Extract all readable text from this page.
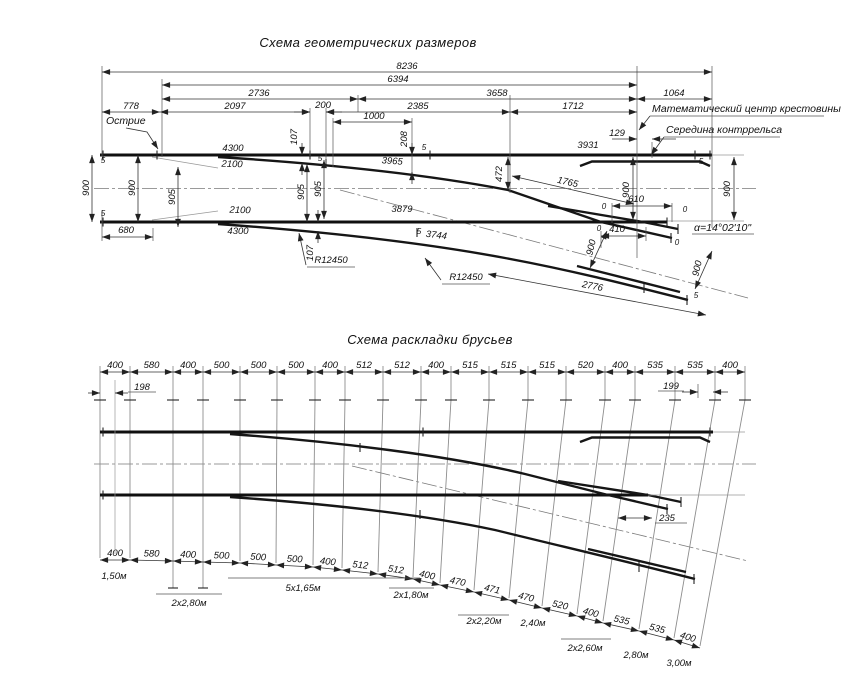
Схема геометрических размеров
8236
6394
2736	3658	1064
778	2097	200	2385	1712
1000
129
680
610
410
900	900
905	905 905
107	208
107
472
900	900
900
900
1765
2776
4300
2100	3965
2100
4300
3879
3744
3931
0
0
0
0
5
5
5
5
5
5
5
Острие
Математический центр крестовины
Середина контррельса
α=14°02'10"
R12450
R12450
Схема раскладки брусьев
400 580 400 500 500 500 400 512 512 400 515 515 515 520 400 535	535 400
400 580 400 500 500 500 400 512 512 400 470
471
470
520
400
535
535
400
198	199
235
1,50м
2x2,80м
5x1,65м
2x1,80м
2x2,20м 2,40м
2x2,60м
2,80м
3,00м
